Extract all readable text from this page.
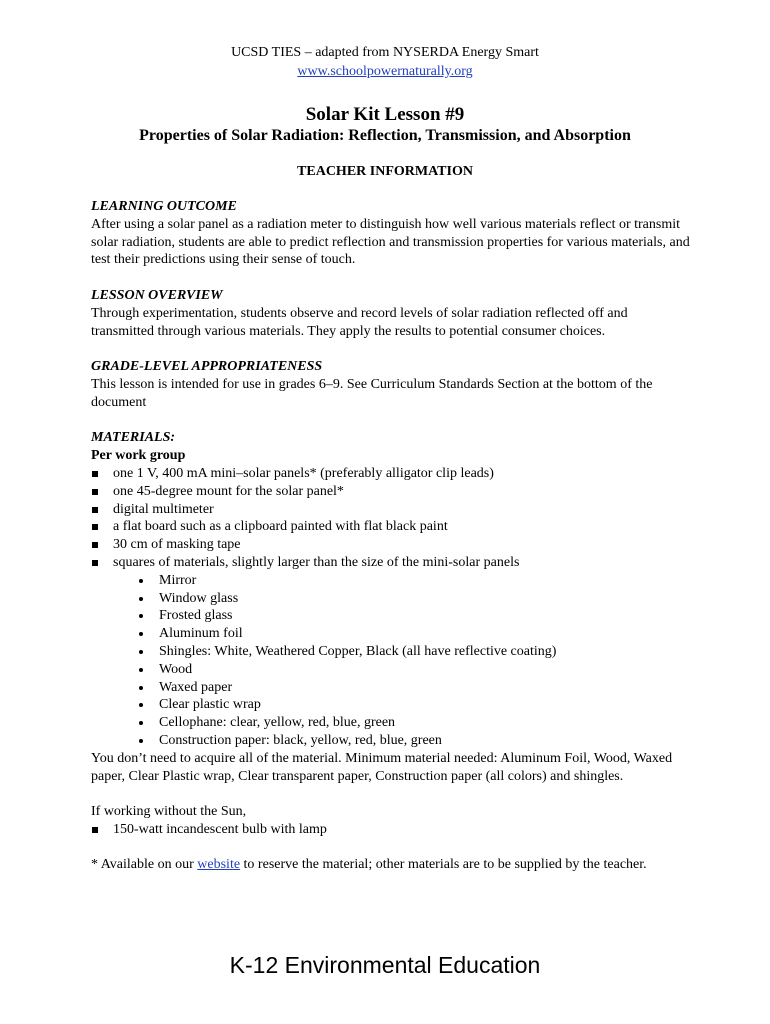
UCSD TIES – adapted from NYSERDA Energy Smart
www.schoolpowernaturally.org
Solar Kit Lesson #9
Properties of Solar Radiation: Reflection, Transmission, and Absorption
TEACHER INFORMATION
LEARNING OUTCOME
After using a solar panel as a radiation meter to distinguish how well various materials reflect or transmit solar radiation, students are able to predict reflection and transmission properties for various materials, and test their predictions using their sense of touch.
LESSON OVERVIEW
Through experimentation, students observe and record levels of solar radiation reflected off and transmitted through various materials. They apply the results to potential consumer choices.
GRADE-LEVEL APPROPRIATENESS
This lesson is intended for use in grades 6–9. See Curriculum Standards Section at the bottom of the document
MATERIALS:
Per work group
one 1 V, 400 mA mini–solar panels* (preferably alligator clip leads)
one 45-degree mount for the solar panel*
digital multimeter
a flat board such as a clipboard painted with flat black paint
30 cm of masking tape
squares of materials, slightly larger than the size of the mini-solar panels
Mirror
Window glass
Frosted glass
Aluminum foil
Shingles: White, Weathered Copper, Black (all have reflective coating)
Wood
Waxed paper
Clear plastic wrap
Cellophane: clear, yellow, red, blue, green
Construction paper: black, yellow, red, blue, green
You don’t need to acquire all of the material. Minimum material needed: Aluminum Foil, Wood, Waxed paper, Clear Plastic wrap, Clear transparent paper, Construction paper (all colors) and shingles.
If working without the Sun,
150-watt incandescent bulb with lamp
* Available on our website to reserve the material; other materials are to be supplied by the teacher.
K-12 Environmental Education
